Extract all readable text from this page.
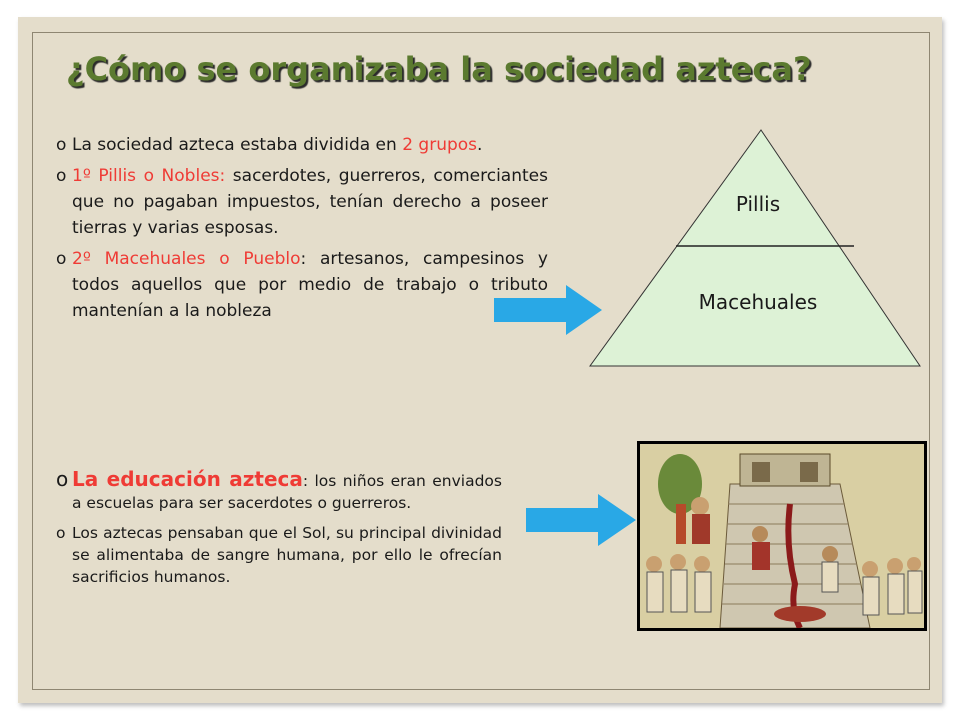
¿Cómo se organizaba la sociedad azteca?
o La sociedad azteca estaba dividida en 2 grupos.
o 1º Pillis o Nobles: sacerdotes, guerreros, comerciantes que no pagaban impuestos, tenían derecho a poseer tierras y varias esposas.
o 2º Macehuales o Pueblo: artesanos, campesinos y todos aquellos que por medio de trabajo o tributo mantenían a la nobleza
o La educación azteca: los niños eran enviados a escuelas para ser sacerdotes o guerreros.
o Los aztecas pensaban que el Sol, su principal divinidad se alimentaba de sangre humana, por ello le ofrecían sacrificios humanos.
Pillis
Macehuales
